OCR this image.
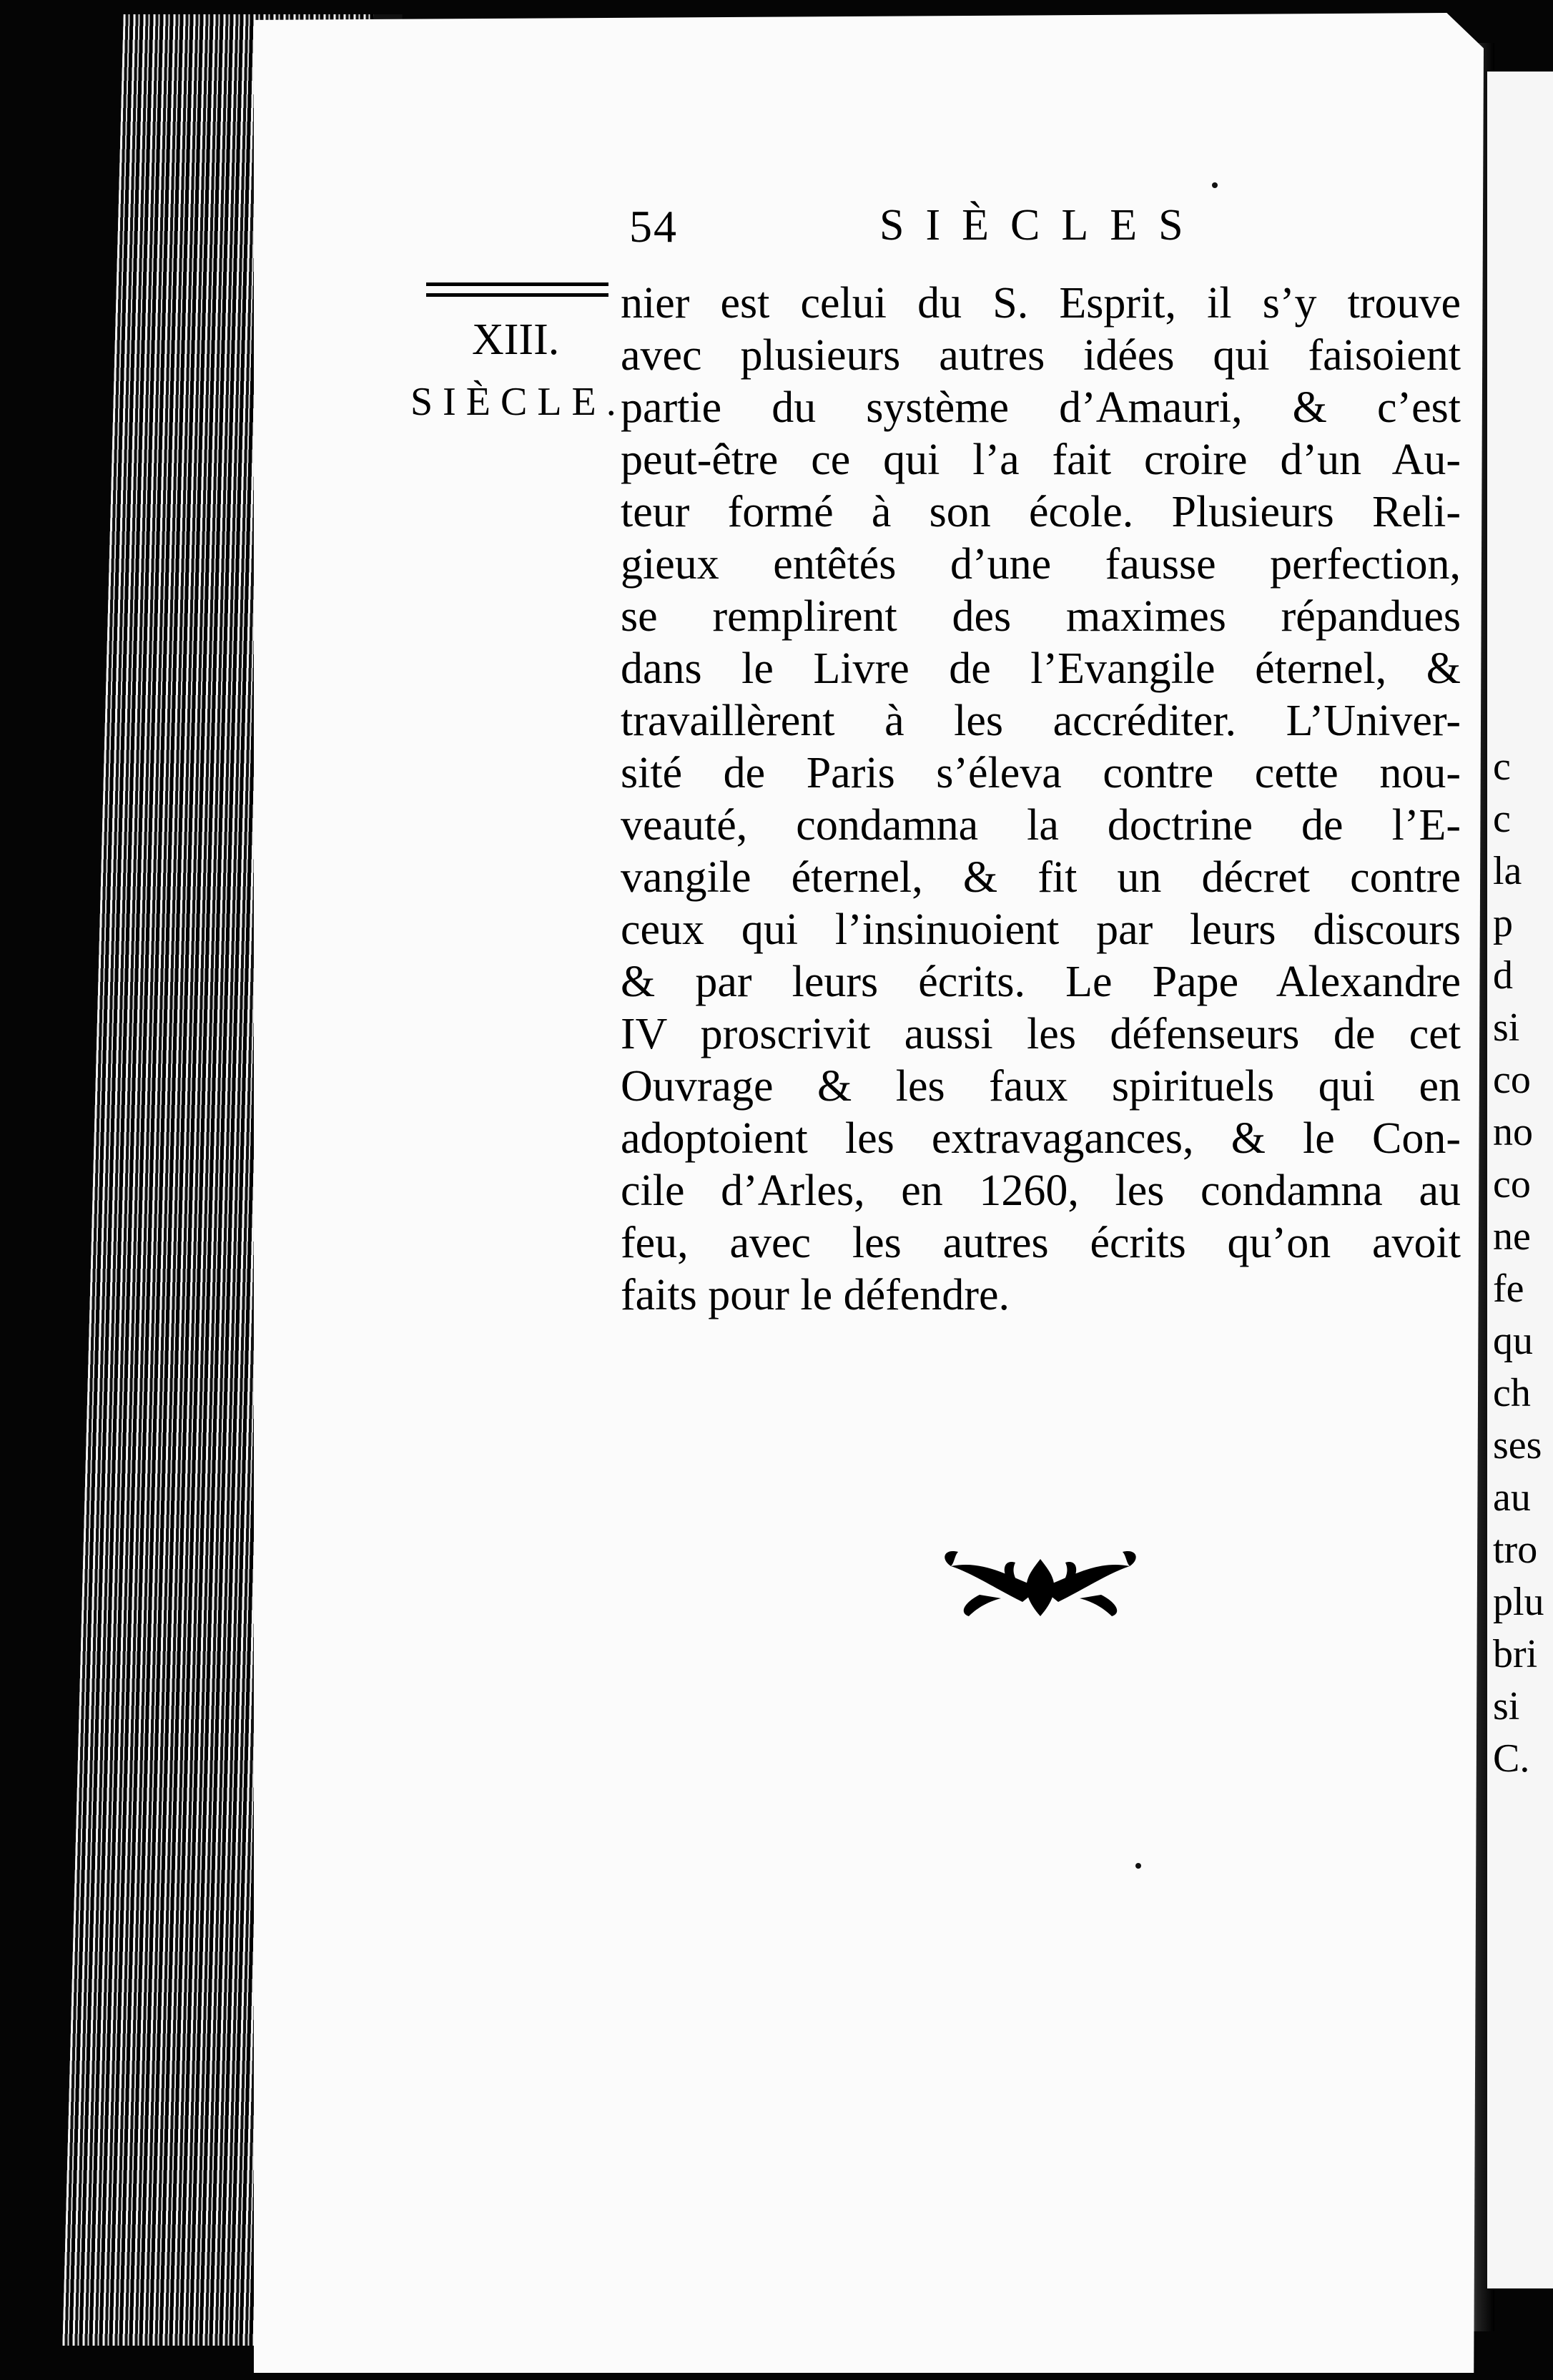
c
c
la
p
d
si
co
no
co
ne
fe
qu
ch
ses
au
tro
plu
bri
si
C.
54	SIÈCLES
XIII.
SIÈCLE.
nier est celui du S. Esprit, il s’y trouve
avec plusieurs autres idées qui faisoient
partie du système d’Amauri, & c’est
peut-être ce qui l’a fait croire d’un Au-
teur formé à son école. Plusieurs Reli-
gieux entêtés d’une fausse perfection,
se remplirent des maximes répandues
dans le Livre de l’Evangile éternel, &
travaillèrent à les accréditer. L’Univer-
sité de Paris s’éleva contre cette nou-
veauté, condamna la doctrine de l’E-
vangile éternel, & fit un décret contre
ceux qui l’insinuoient par leurs discours
& par leurs écrits. Le Pape Alexandre
IV proscrivit aussi les défenseurs de cet
Ouvrage & les faux spirituels qui en
adoptoient les extravagances, & le Con-
cile d’Arles, en 1260, les condamna au
feu, avec les autres écrits qu’on avoit
faits pour le défendre.
